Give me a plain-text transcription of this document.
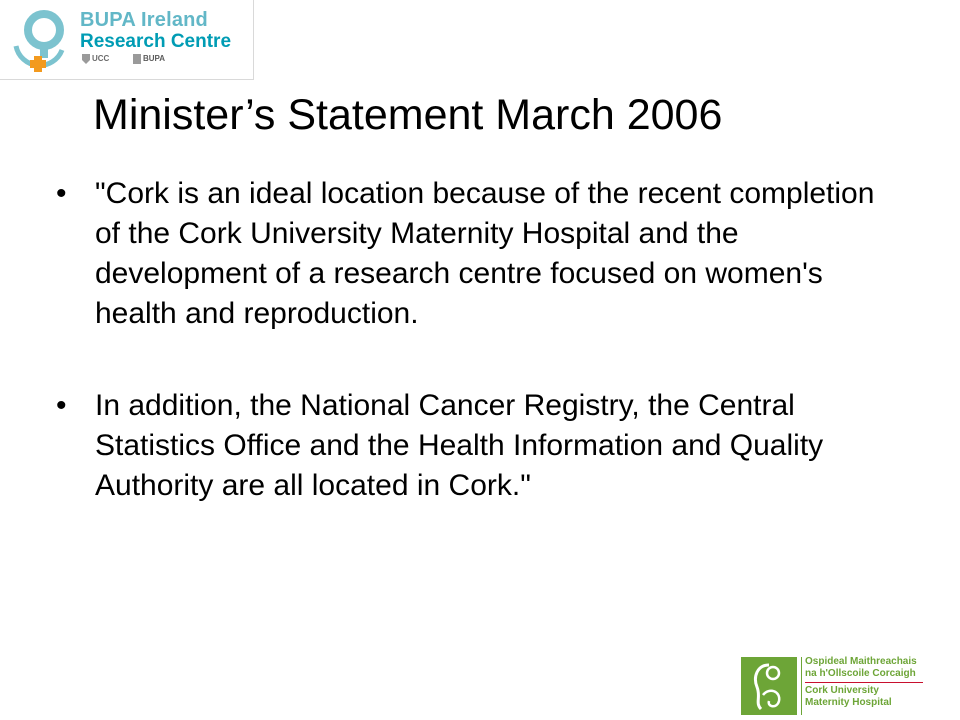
BUPA Ireland
Research Centre
UCC	BUPA
Minister’s Statement March 2006
• "Cork is an ideal location because of the recent completion of the Cork University Maternity Hospital and the development of a research centre focused on women's health and reproduction.
• In addition, the National Cancer Registry, the Central Statistics Office and the Health Information and Quality Authority are all located in Cork."
Ospideal Maithreachais
na h'Ollscoile Corcaigh
Cork University
Maternity Hospital
